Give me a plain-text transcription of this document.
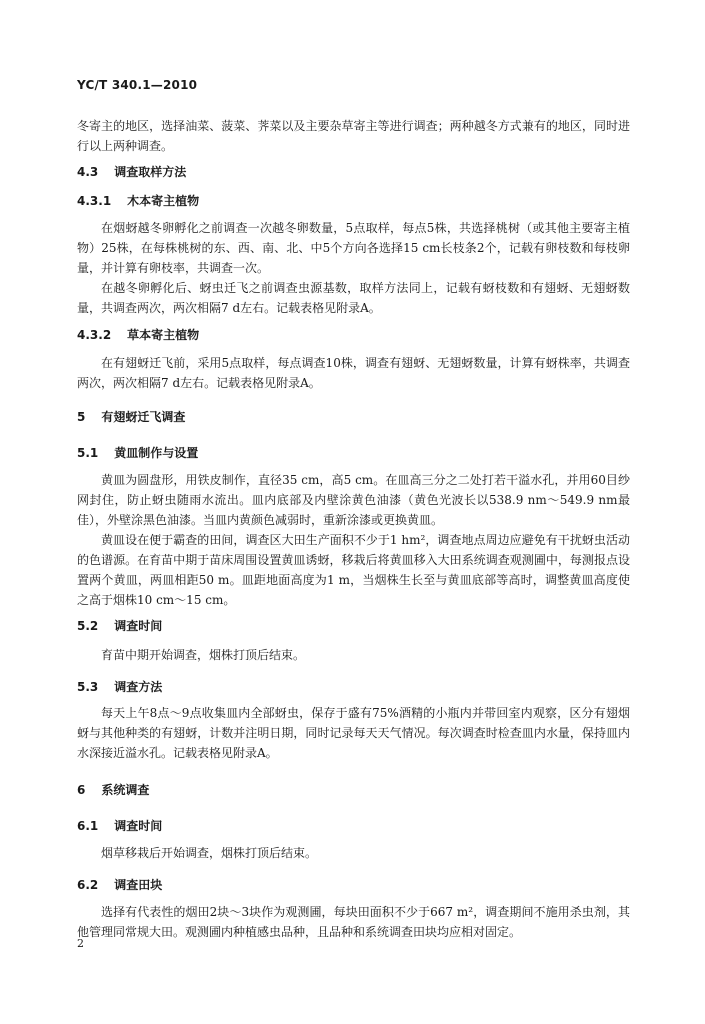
YC/T 340.1—2010

冬寄主的地区，选择油菜、菠菜、荠菜以及主要杂草寄主等进行调查；两种越冬方式兼有的地区，同时进行以上两种调查。

4.3 调查取样方法
4.3.1 木本寄主植物

在烟蚜越冬卵孵化之前调查一次越冬卵数量，5点取样，每点5株，共选择桃树（或其他主要寄主植物）25株，在每株桃树的东、西、南、北、中5个方向各选择15 cm长枝条2个，记载有卵枝数和每枝卵量，并计算有卵枝率，共调查一次。

在越冬卵孵化后、蚜虫迁飞之前调查虫源基数，取样方法同上，记载有蚜枝数和有翅蚜、无翅蚜数量，共调查两次，两次相隔7 d左右。记载表格见附录A。

4.3.2 草本寄主植物

在有翅蚜迁飞前，采用5点取样，每点调查10株，调查有翅蚜、无翅蚜数量，计算有蚜株率，共调查两次，两次相隔7 d左右。记载表格见附录A。

5 有翅蚜迁飞调查
5.1 黄皿制作与设置

黄皿为圆盘形，用铁皮制作，直径35 cm，高5 cm。在皿高三分之二处打若干溢水孔，并用60目纱网封住，防止蚜虫随雨水流出。皿内底部及内壁涂黄色油漆（黄色光波长以538.9 nm～549.9 nm最佳），外壁涂黑色油漆。当皿内黄颜色减弱时，重新涂漆或更换黄皿。

黄皿设在便于霸查的田间，调查区大田生产面积不少于1 hm²，调查地点周边应避免有干扰蚜虫活动的色谱源。在育苗中期于苗床周围设置黄皿诱蚜，移栽后将黄皿移入大田系统调查观测圃中，每测报点设置两个黄皿，两皿相距50 m。皿距地面高度为1 m，当烟株生长至与黄皿底部等高时，调整黄皿高度使之高于烟株10 cm～15 cm。

5.2 调查时间

育苗中期开始调查，烟株打顶后结束。

5.3 调查方法

每天上午8点～9点收集皿内全部蚜虫，保存于盛有75%酒精的小瓶内并带回室内观察，区分有翅烟蚜与其他种类的有翅蚜，计数并注明日期，同时记录每天天气情况。每次调查时检查皿内水量，保持皿内水深接近溢水孔。记载表格见附录A。

6 系统调查
6.1 调查时间

烟草移栽后开始调查，烟株打顶后结束。

6.2 调查田块

选择有代表性的烟田2块～3块作为观测圃，每块田面积不少于667 m²，调查期间不施用杀虫剂，其他管理同常规大田。观测圃内种植感虫品种，且品种和系统调查田块均应相对固定。

2
